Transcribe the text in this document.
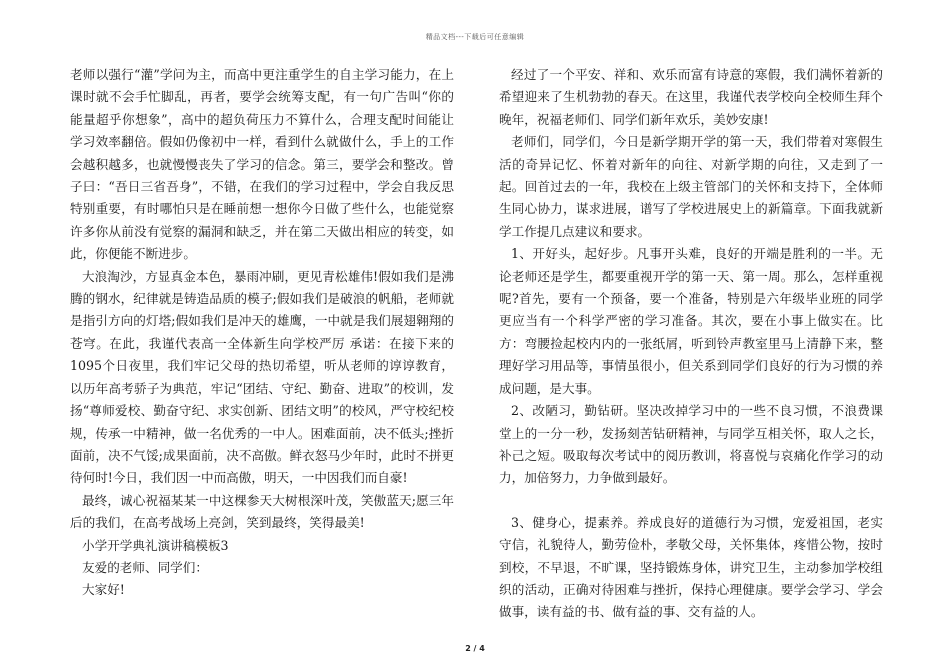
精品文档---下载后可任意编辑

老师以强行“灌”学问为主，而高中更注重学生的自主学习能力，在上课时就不会手忙脚乱，再者，要学会统筹支配，有一句广告叫“你的能量超乎你想象”，高中的超负荷压力不算什么，合理支配时间能让学习效率翻倍。假如仍像初中一样，看到什么就做什么，手上的工作会越积越多，也就慢慢丧失了学习的信念。第三，要学会和整改。曾子曰：“吾日三省吾身”，不错，在我们的学习过程中，学会自我反思特别重要，有时哪怕只是在睡前想一想你今日做了些什么，也能觉察许多你从前没有觉察的漏洞和缺乏，并在第二天做出相应的转变，如此，你便能不断进步。

大浪淘沙，方显真金本色，暴雨冲刷，更见青松雄伟!假如我们是沸腾的钢水，纪律就是铸造品质的模子;假如我们是破浪的帆船，老师就是指引方向的灯塔;假如我们是冲天的雄鹰，一中就是我们展翅翱翔的苍穹。在此，我谨代表高一全体新生向学校严厉 承诺：在接下来的1095个日夜里，我们牢记父母的热切希望，听从老师的谆谆教育，以历年高考骄子为典范，牢记“团结、守纪、勤奋、进取”的校训，发扬“尊师爱校、勤奋守纪、求实创新、团结文明”的校风，严守校纪校规，传承一中精神，做一名优秀的一中人。困难面前，决不低头;挫折面前，决不气馁;成果面前，决不高傲。鲜衣怒马少年时，此时不拼更待何时!今日，我们因一中而高傲，明天，一中因我们而自豪!

最终，诚心祝福某某一中这棵参天大树根深叶茂，笑傲蓝天;愿三年后的我们，在高考战场上亮剑，笑到最终，笑得最美!

小学开学典礼演讲稿模板3

友爱的老师、同学们：

大家好!

经过了一个平安、祥和、欢乐而富有诗意的寒假，我们满怀着新的希望迎来了生机勃勃的春天。在这里，我谨代表学校向全校师生拜个晚年，祝福老师们、同学们新年欢乐，美妙安康!

老师们，同学们，今日是新学期开学的第一天，我们带着对寒假生活的奇异记忆、怀着对新年的向往、对新学期的向往，又走到了一起。回首过去的一年，我校在上级主管部门的关怀和支持下，全体师生同心协力，谋求进展，谱写了学校进展史上的新篇章。下面我就新学工作提几点建议和要求。

1、开好头，起好步。凡事开头难，良好的开端是胜利的一半。无论老师还是学生，都要重视开学的第一天、第一周。那么，怎样重视呢?首先，要有一个预备，要一个准备，特别是六年级毕业班的同学更应当有一个科学严密的学习准备。其次，要在小事上做实在。比方：弯腰捡起校内内的一张纸屑，听到铃声教室里马上清静下来，整理好学习用品等，事情虽很小，但关系到同学们良好的行为习惯的养成问题，是大事。

2、改陋习，勤钻研。坚决改掉学习中的一些不良习惯，不浪费课堂上的一分一秒，发扬刻苦钻研精神，与同学互相关怀，取人之长，补己之短。吸取每次考试中的阅历教训，将喜悦与哀痛化作学习的动力，加倍努力，力争做到最好。

3、健身心，提素养。养成良好的道德行为习惯，宠爱祖国，老实守信，礼貌待人，勤劳俭朴，孝敬父母，关怀集体，疼惜公物，按时到校，不早退，不旷课，坚持锻炼身体，讲究卫生，主动参加学校组织的活动，正确对待困难与挫折，保持心理健康。要学会学习、学会做事，读有益的书、做有益的事、交有益的人。

2 / 4
